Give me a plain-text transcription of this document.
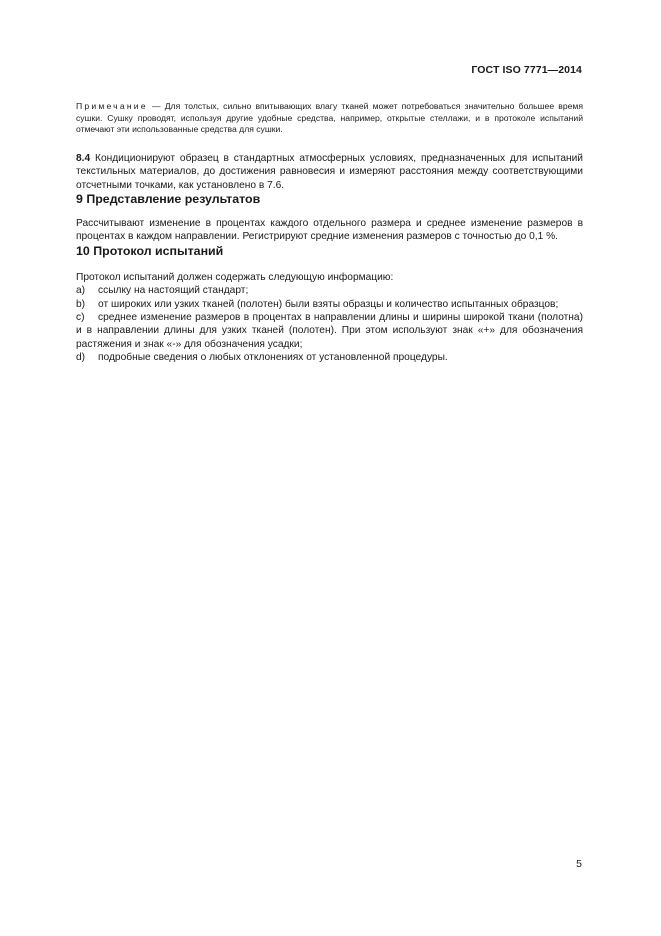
ГОСТ ISO 7771—2014

Примечание — Для толстых, сильно впитывающих влагу тканей может потребоваться значительно большее время сушки. Сушку проводят, используя другие удобные средства, например, открытые стеллажи, и в протоколе испытаний отмечают эти использованные средства для сушки.

8.4 Кондиционируют образец в стандартных атмосферных условиях, предназначенных для испытаний текстильных материалов, до достижения равновесия и измеряют расстояния между соответствующими отсчетными точками, как установлено в 7.6.

9 Представление результатов

Рассчитывают изменение в процентах каждого отдельного размера и среднее изменение размеров в процентах в каждом направлении. Регистрируют средние изменения размеров с точностью до 0,1 %.

10 Протокол испытаний

Протокол испытаний должен содержать следующую информацию:

a) ссылку на настоящий стандарт;

b) от широких или узких тканей (полотен) были взяты образцы и количество испытанных образцов;

c) среднее изменение размеров в процентах в направлении длины и ширины широкой ткани (полотна) и в направлении длины для узких тканей (полотен). При этом используют знак «+» для обозначения растяжения и знак «-» для обозначения усадки;

d) подробные сведения о любых отклонениях от установленной процедуры.

5
